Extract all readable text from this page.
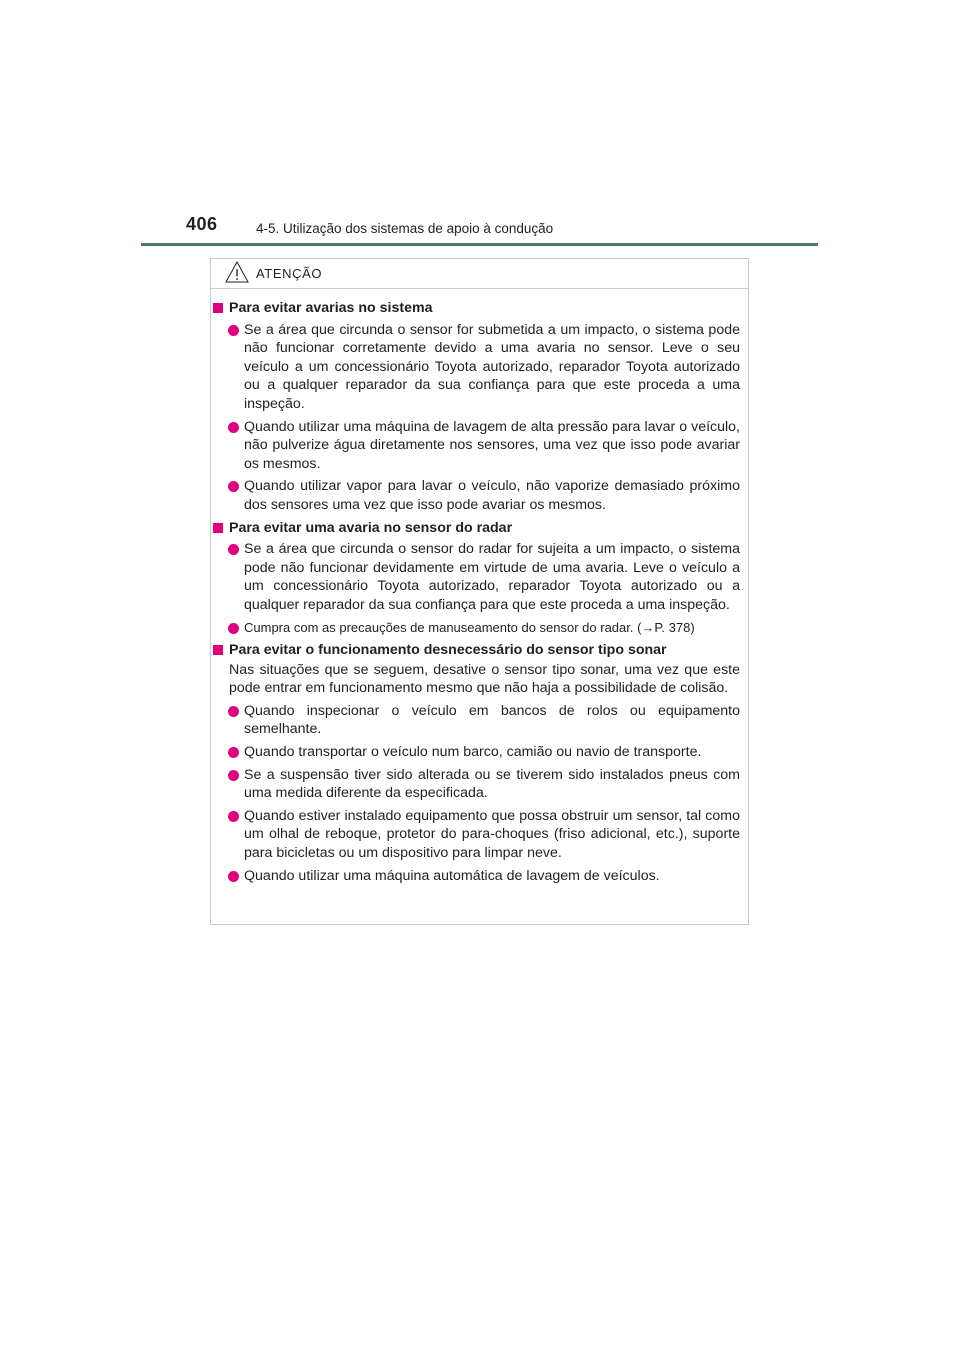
406	4-5. Utilização dos sistemas de apoio à condução
ATENÇÃO
Para evitar avarias no sistema
Se a área que circunda o sensor for submetida a um impacto, o sistema pode não funcionar corretamente devido a uma avaria no sensor. Leve o seu veículo a um concessionário Toyota autorizado, reparador Toyota autorizado ou a qualquer reparador da sua confiança para que este proceda a uma inspeção.
Quando utilizar uma máquina de lavagem de alta pressão para lavar o veículo, não pulverize água diretamente nos sensores, uma vez que isso pode avariar os mesmos.
Quando utilizar vapor para lavar o veículo, não vaporize demasiado próximo dos sensores uma vez que isso pode avariar os mesmos.
Para evitar uma avaria no sensor do radar
Se a área que circunda o sensor do radar for sujeita a um impacto, o sistema pode não funcionar devidamente em virtude de uma avaria. Leve o veículo a um concessionário Toyota autorizado, reparador Toyota autorizado ou a qualquer reparador da sua confiança para que este proceda a uma inspeção.
Cumpra com as precauções de manuseamento do sensor do radar. (→P. 378)
Para evitar o funcionamento desnecessário do sensor tipo sonar
Nas situações que se seguem, desative o sensor tipo sonar, uma vez que este pode entrar em funcionamento mesmo que não haja a possibilidade de colisão.
Quando inspecionar o veículo em bancos de rolos ou equipamento semelhante.
Quando transportar o veículo num barco, camião ou navio de transporte.
Se a suspensão tiver sido alterada ou se tiverem sido instalados pneus com uma medida diferente da especificada.
Quando estiver instalado equipamento que possa obstruir um sensor, tal como um olhal de reboque, protetor do para-choques (friso adicional, etc.), suporte para bicicletas ou um dispositivo para limpar neve.
Quando utilizar uma máquina automática de lavagem de veículos.
